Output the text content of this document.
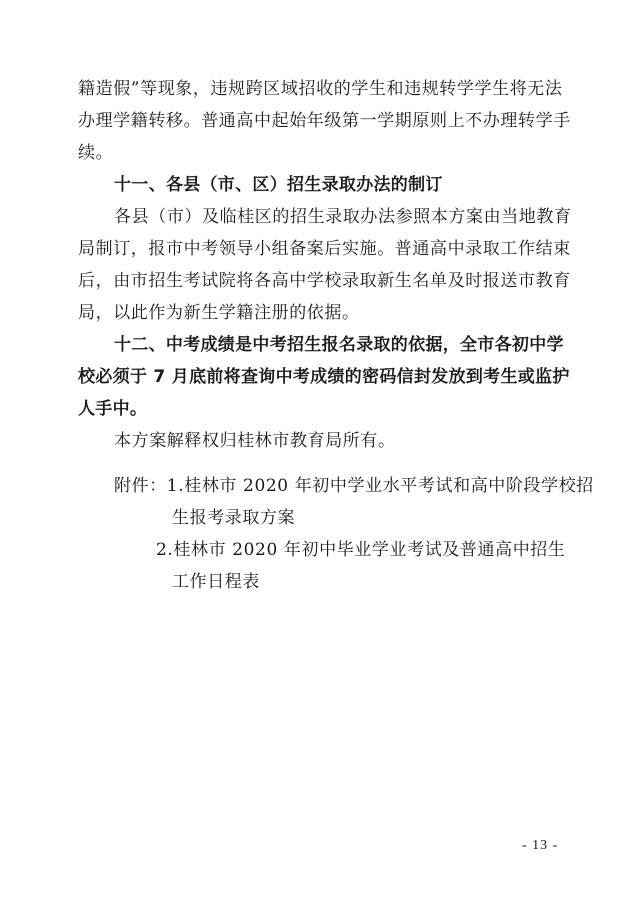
籍造假”等现象，违规跨区域招收的学生和违规转学学生将无法
办理学籍转移。普通高中起始年级第一学期原则上不办理转学手
续。
十一、各县（市、区）招生录取办法的制订
各县（市）及临桂区的招生录取办法参照本方案由当地教育
局制订，报市中考领导小组备案后实施。普通高中录取工作结束
后，由市招生考试院将各高中学校录取新生名单及时报送市教育
局，以此作为新生学籍注册的依据。
十二、中考成绩是中考招生报名录取的依据，全市各初中学
校必须于 7 月底前将查询中考成绩的密码信封发放到考生或监护
人手中。
本方案解释权归桂林市教育局所有。
附件：1.桂林市 2020 年初中学业水平考试和高中阶段学校招
生报考录取方案
2.桂林市 2020 年初中毕业学业考试及普通高中招生
工作日程表
- 13 -
